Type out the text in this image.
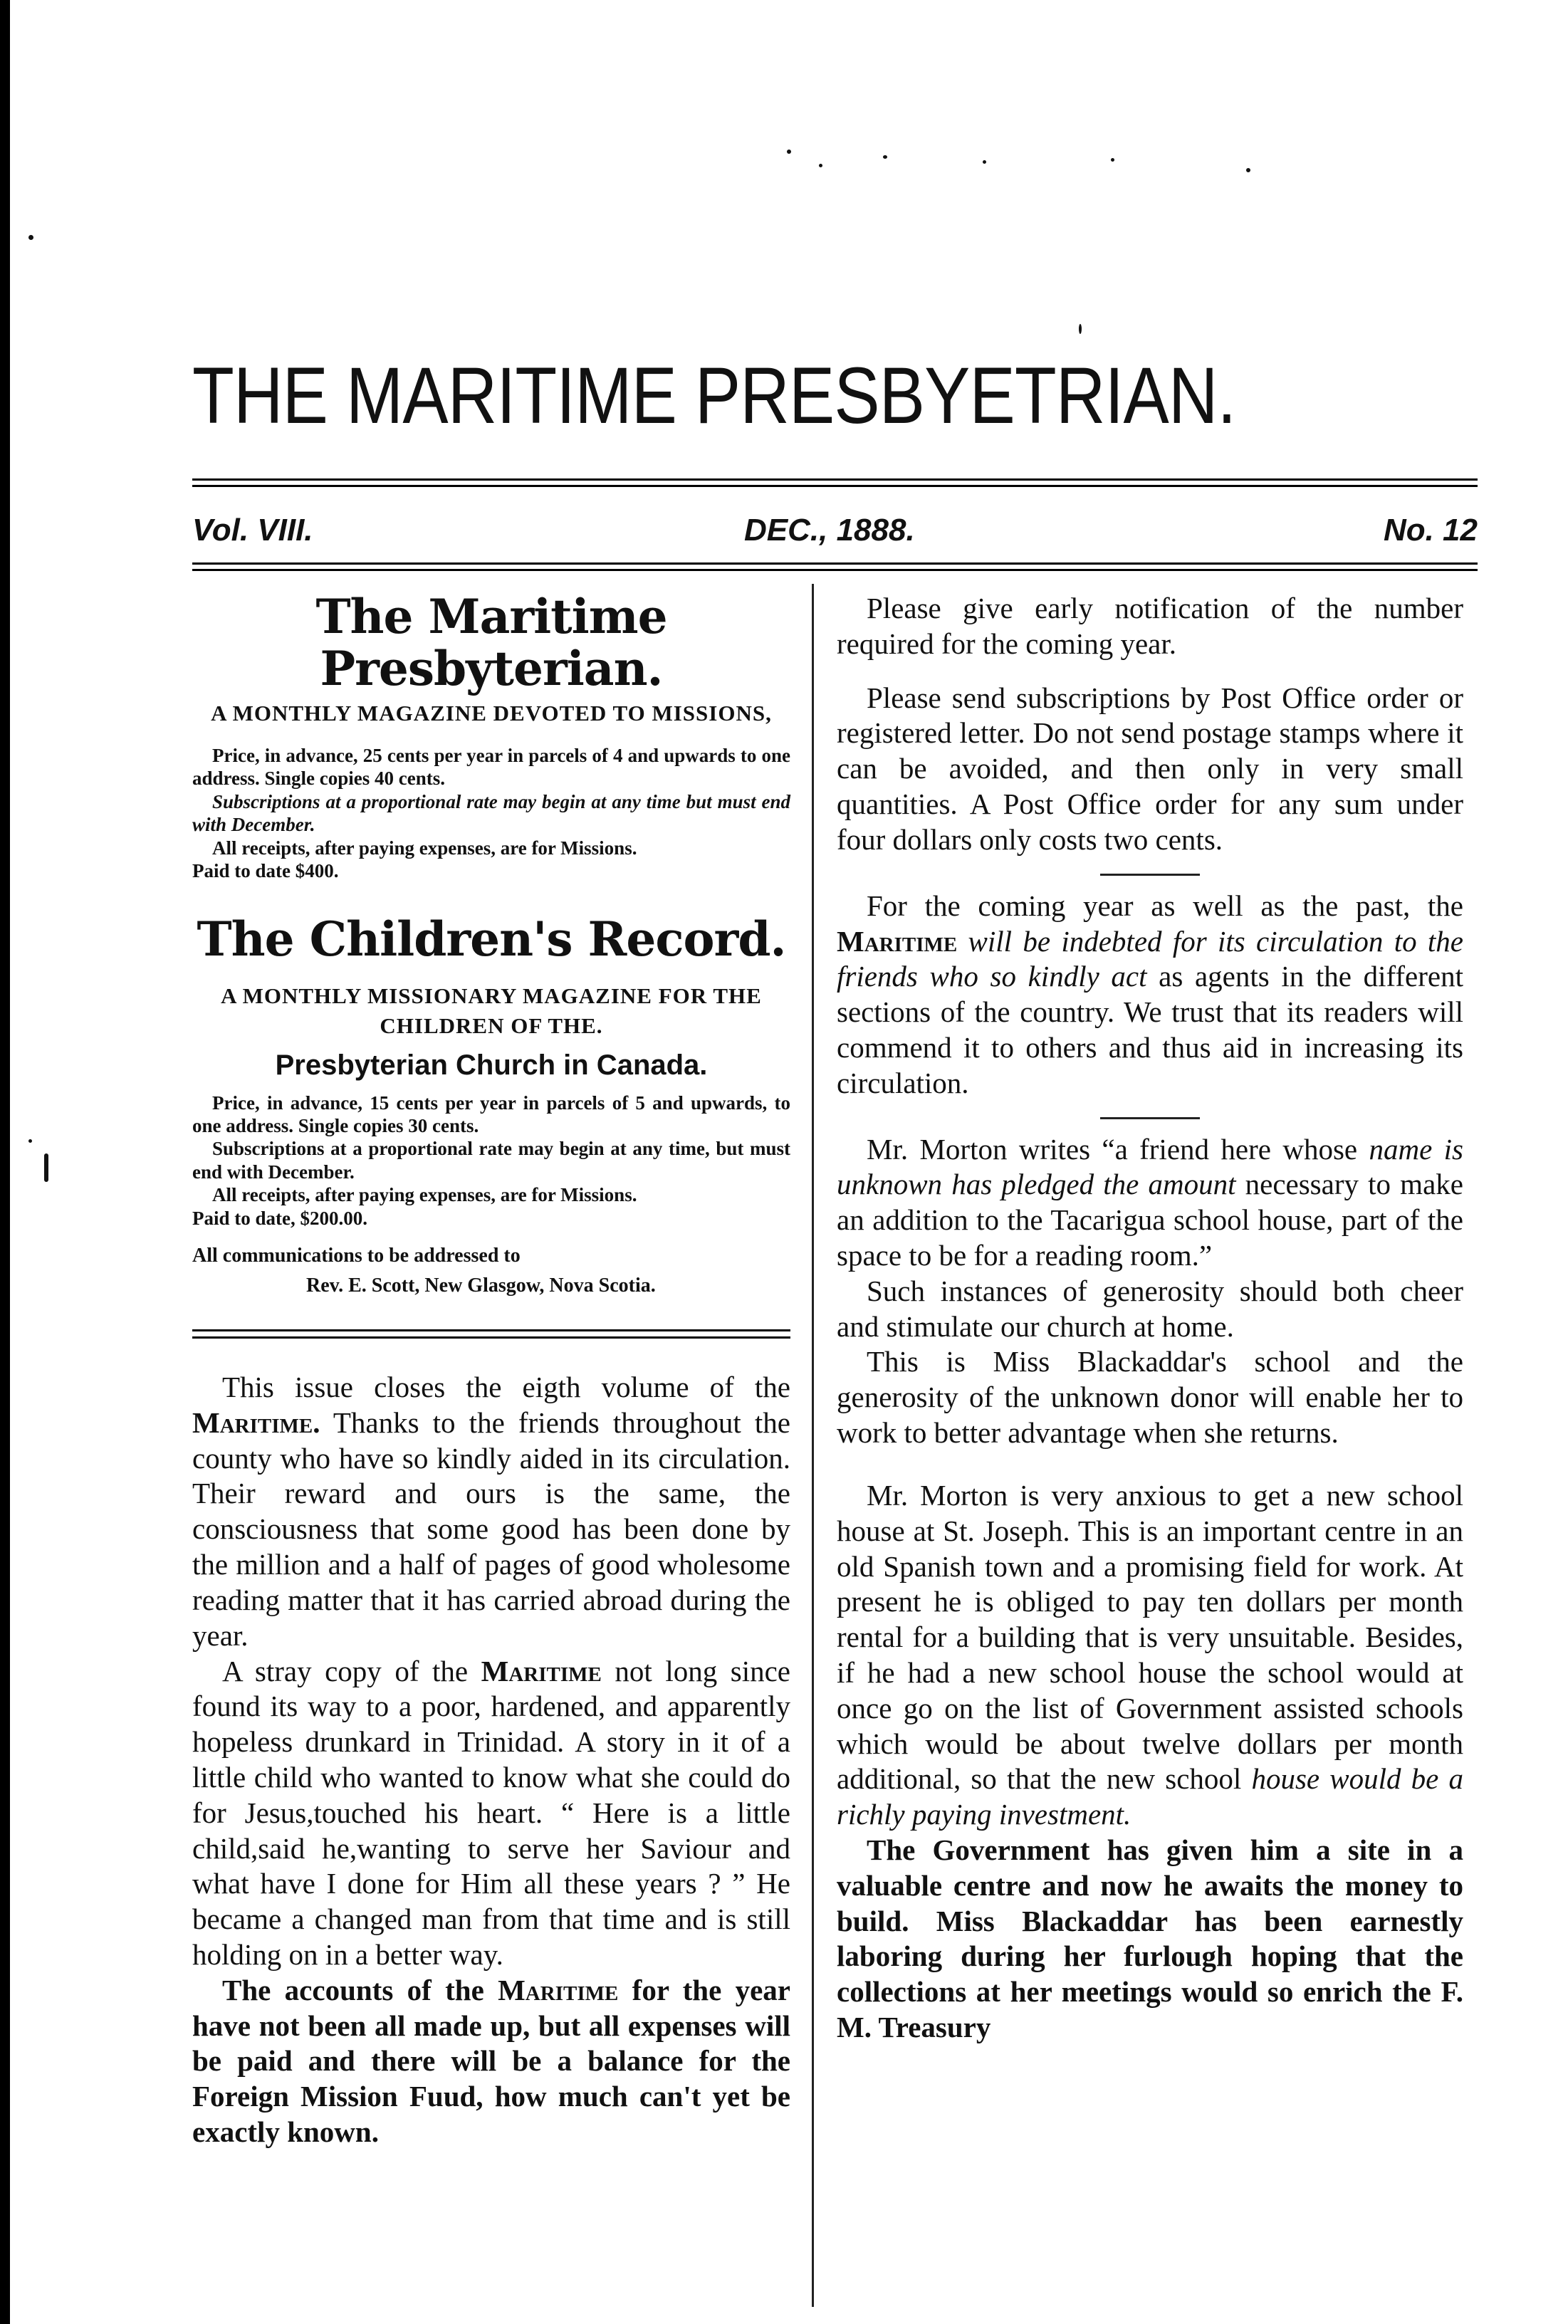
THE MARITIME PRESBYETRIAN.
Vol. VIII.	DEC., 1888.	No. 12
The Maritime Presbyterian.
A MONTHLY MAGAZINE DEVOTED TO MISSIONS,

Price, in advance, 25 cents per year in parcels of 4 and upwards to one address. Single copies 40 cents.

Subscriptions at a proportional rate may begin at any time but must end with December.

All receipts, after paying expenses, are for Missions.

Paid to date $400.

The Children's Record.
A MONTHLY MISSIONARY MAGAZINE FOR THE CHILDREN OF THE.
Presbyterian Church in Canada.

Price, in advance, 15 cents per year in parcels of 5 and upwards, to one address. Single copies 30 cents.

Subscriptions at a proportional rate may begin at any time, but must end with December.

All receipts, after paying expenses, are for Missions.

Paid to date, $200.00.

All communications to be addressed to
Rev. E. Scott, New Glasgow, Nova Scotia.

This issue closes the eigth volume of the Maritime. Thanks to the friends throughout the county who have so kindly aided in its circulation. Their reward and ours is the same, the consciousness that some good has been done by the million and a half of pages of good wholesome reading matter that it has carried abroad during the year.

A stray copy of the Maritime not long since found its way to a poor, hardened, and apparently hopeless drunkard in Trinidad. A story in it of a little child who wanted to know what she could do for Jesus,touched his heart. “ Here is a little child,said he,wanting to serve her Saviour and what have I done for Him all these years ? ” He became a changed man from that time and is still holding on in a better way.

The accounts of the Maritime for the year have not been all made up, but all expenses will be paid and there will be a balance for the Foreign Mission Fuud, how much can't yet be exactly known.

Please give early notification of the number required for the coming year.

Please send subscriptions by Post Office order or registered letter. Do not send postage stamps where it can be avoided, and then only in very small quantities. A Post Office order for any sum under four dollars only costs two cents.

For the coming year as well as the past, the Maritime will be indebted for its circulation to the friends who so kindly act as agents in the different sections of the country. We trust that its readers will commend it to others and thus aid in increasing its circulation.

Mr. Morton writes “a friend here whose name is unknown has pledged the amount necessary to make an addition to the Tacarigua school house, part of the space to be for a reading room.”

Such instances of generosity should both cheer and stimulate our church at home.

This is Miss Blackaddar's school and the generosity of the unknown donor will enable her to work to better advantage when she returns.

Mr. Morton is very anxious to get a new school house at St. Joseph. This is an important centre in an old Spanish town and a promising field for work. At present he is obliged to pay ten dollars per month rental for a building that is very unsuitable. Besides, if he had a new school house the school would at once go on the list of Government assisted schools which would be about twelve dollars per month additional, so that the new school house would be a richly paying investment.

The Government has given him a site in a valuable centre and now he awaits the money to build. Miss Blackaddar has been earnestly laboring during her furlough hoping that the collections at her meetings would so enrich the F. M. Treasury
